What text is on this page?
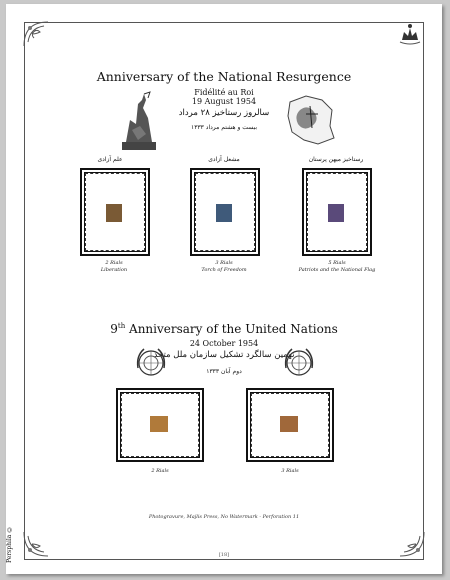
Anniversary of the National Resurgence
Fidélité au Roi
19 August 1954
سالروز رستاخیز ۲۸ مرداد
بیست و هشتم مرداد ۱۳۳۳
علم آزادی	مشعل آزادی	رستاخیز میهن پرستان
2 Rials
Liberation
3 Rials
Torch of Freedom
5 Rials
Patriots and the National Flag
9th Anniversary of the United Nations
24 October 1954
نهمین سالگرد تشکیل سازمان ملل متحد
دوم آبان ۱۳۳۳
2 Rials	3 Rials
Photogravure, Majlis Press, No Watermark - Perforation 11
[18]
Persphila ©
